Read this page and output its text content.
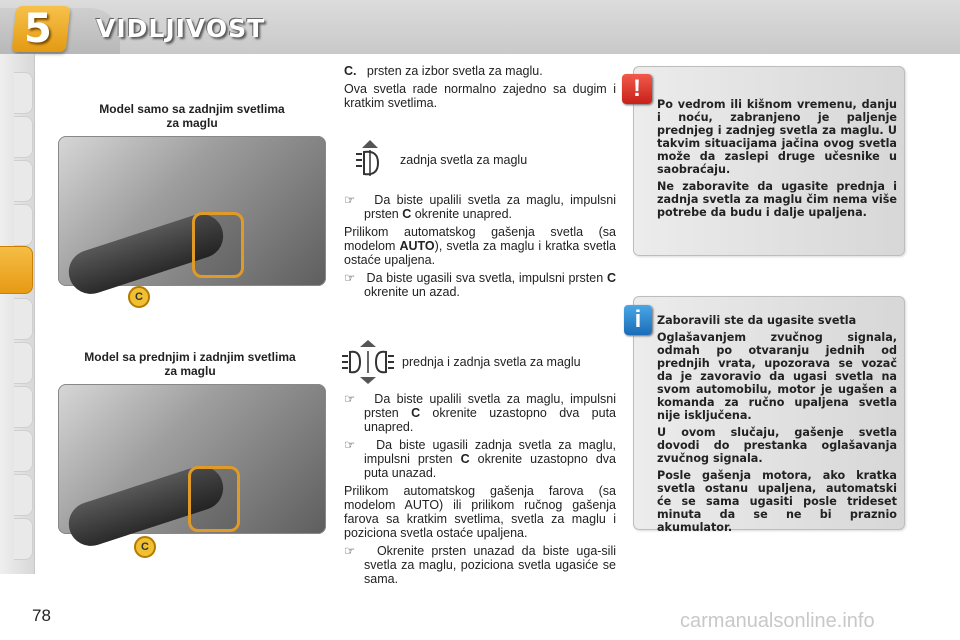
5 VIDLJIVOST
Model samo sa zadnjim svetlima za maglu
C
Model sa prednjim i zadnjim svetlima za maglu
C

C. prsten za izbor svetla za maglu.

Ova svetla rade normalno zajedno sa dugim i kratkim svetlima.

zadnja svetla za maglu

☞ Da biste upalili svetla za maglu, impulsni prsten C okrenite unapred.

Prilikom automatskog gašenja svetla (sa modelom AUTO), svetla za maglu i kratka svetla ostaće upaljena.

☞ Da biste ugasili sva svetla, impulsni prsten C okrenite un azad.

prednja i zadnja svetla za maglu

☞ Da biste upalili svetla za maglu, impulsni prsten C okrenite uzastopno dva puta unapred.

☞ Da biste ugasili zadnja svetla za maglu, impulsni prsten C okrenite uzastopno dva puta unazad.

Prilikom automatskog gašenja farova (sa modelom AUTO) ili prilikom ručnog gašenja farova sa kratkim svetlima, svetla za maglu i poziciona svetla ostaće upaljena.

☞ Okrenite prsten unazad da biste uga-sili svetla za maglu, poziciona svetla ugasiće se sama.

!

Po vedrom ili kišnom vremenu, danju i noću, zabranjeno je paljenje prednjeg i zadnjeg svetla za maglu. U takvim situacijama jačina ovog svetla može da zaslepi druge učesnike u saobraćaju.

Ne zaboravite da ugasite prednja i zadnja svetla za maglu čim nema više potrebe da budu i dalje upaljena.

i	Zaboravili ste da ugasite svetla

Oglašavanjem zvučnog signala, odmah po otvaranju jednih od prednjih vrata, upozorava se vozač da je zavoravio da ugasi svetla na svom automobilu, motor je ugašen a komanda za ručno upaljena svetla nije isključena.

U ovom slučaju, gašenje svetla dovodi do prestanka oglašavanja zvučnog signala.

Posle gašenja motora, ako kratka svetla ostanu upaljena, automatski će se sama ugasiti posle trideset minuta da se ne bi praznio akumulator.

78	carmanualsonline.info
